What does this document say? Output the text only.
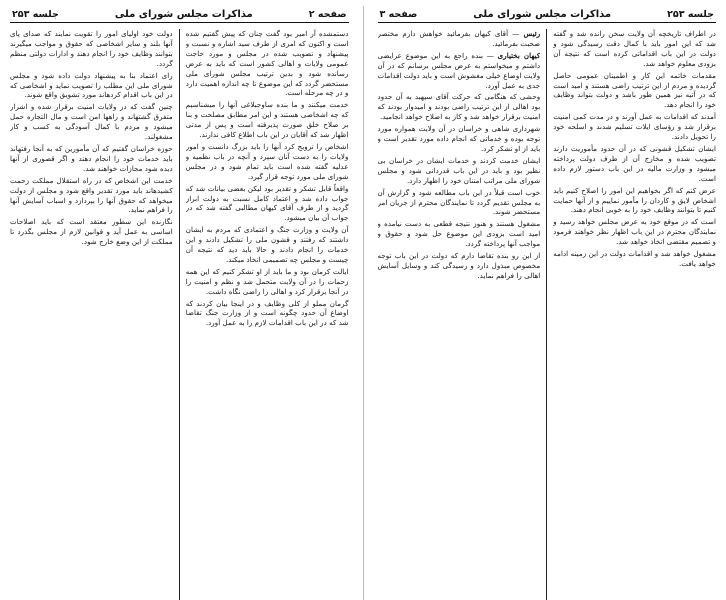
صفحه ۲
مذاکرات مجلس شورای ملی
جلسه ۲۵۳

دستمشده آر امیر بود گفت چنان که پیش گفتیم شده است و اکنون که امری از طرف سید اشاره و نسبت و پیشنهاد و تصویب شده در مجلس و مورد حاجت عمومی ولایات و اهالی کشور است که باید به عرض رسانده شود و بدین ترتیب مجلس شورای ملی مستحضر گردد که این موضوع تا چه اندازه اهمیت دارد و در چه مرحله است.

خدمت میکنند و ما بنده ساوجبلاغی آنها را میشناسیم که چه اشخاصی هستند و این امر مطابق مصلحت و بنا بر صلاح خلق صورت پذیرفته است و پس از مدتی اظهار شد که آقایان در این باب اطلاع کافی ندارند.

اشخاص را ترویج کرد آنها را باید بزرگ دانست و امور ولایات را به دست آنان سپرد و آنچه در باب نظمیه و عدلیه گفته شده است باید تمام شود و در مجلس شورای ملی مورد توجه قرار گیرد.

واقعاً قابل تشکر و تقدیر بود لیکن بعضی بیانات شد که جواب داده شد و اعتماد کامل نسبت به دولت ابراز گردید و از طرف آقای کیهان مطالبی گفته شد که در جواب آن بیان میشود.

آن ولایت و وزارت جنگ و اعتمادی که مردم به ایشان داشتند که رفتند و قشون ملی را تشکیل دادند و این خدمات را انجام دادند و حالا باید دید که نتیجه آن چیست و مجلس چه تصمیمی اتخاذ میکند.

ایالت کرمان بود و ما باید از او تشکر کنیم که این همه زحمات را در آن ولایت متحمل شد و نظم و امنیت را در آنجا برقرار کرد و اهالی را راضی نگاه داشت.

گرمان مملو از کلی وظایف و در اینجا بیان کردند که اوضاع آن حدود چگونه است و از وزارت جنگ تقاضا شد که در این باب اقدامات لازم را به عمل آورد.

دولت خود اولیای امور را تقویت نمایند که صدای پای آنها بلند و سایر اشخاصی که حقوق و مواجب میگیرند بتوانند وظایف خود را انجام دهند و ادارات دولتی منظم گردد.

رای اعتماد بنا به پیشنهاد دولت داده شود و مجلس شورای ملی این مطلب را تصویب نماید و اشخاصی که در این باب اقدام کردهاند مورد تشویق واقع شوند.

چنین گفت که در ولایات امنیت برقرار شده و اشرار متفرق گشتهاند و راهها امن است و مال التجاره حمل میشود و مردم با کمال آسودگی به کسب و کار مشغولند.

حوزه خراسان گفتیم که آن مأمورین که به آنجا رفتهاند باید خدمات خود را انجام دهند و اگر قصوری از آنها دیده شود مجازات خواهند شد.

خدمت این اشخاص که در راه استقلال مملکت زحمت کشیدهاند باید مورد تقدیر واقع شود و مجلس از دولت میخواهد که حقوق آنها را بپردازد و اسباب آسایش آنها را فراهم نماید.

نگارنده این سطور معتقد است که باید اصلاحات اساسی به عمل آید و قوانین لازم از مجلس بگذرد تا مملکت از این وضع خارج شود.

جلسه ۲۵۳
مذاکرات مجلس شورای ملی
صفحه ۳

در اطراف تاریخچه آن ولایت سخن رانده شد و گفته شد که این امور باید با کمال دقت رسیدگی شود و دولت در این باب اقداماتی کرده است که نتیجه آن بزودی معلوم خواهد شد.

مقدمات خاتمه این کار و اطمینان عمومی حاصل گردیده و مردم از این ترتیب راضی هستند و امید است که در آتیه نیز همین طور باشد و دولت بتواند وظایف خود را انجام دهد.

آمدند که اقدامات به عمل آورند و در مدت کمی امنیت برقرار شد و رؤسای ایلات تسلیم شدند و اسلحه خود را تحویل دادند.

ایشان تشکیل قشونی که در آن حدود مأموریت دارند تصویب شده و مخارج آن از طرف دولت پرداخته میشود و وزارت مالیه در این باب دستور لازم داده است.

عرض کنم که اگر بخواهیم این امور را اصلاح کنیم باید اشخاص لایق و کاردان را مأمور نماییم و از آنها حمایت کنیم تا بتوانند وظایف خود را به خوبی انجام دهند.

است که در موقع خود به عرض مجلس خواهد رسید و نمایندگان محترم در این باب اظهار نظر خواهند فرمود و تصمیم مقتضی اتخاذ خواهد شد.

مشغول خواهد شد و اقدامات دولت در این زمینه ادامه خواهد یافت.

رئیس — آقای کیهان بفرمائید خواهش دارم مختصر صحبت بفرمائید.

کیهان بختیاری — بنده راجع به این موضوع عرایضی داشتم و میخواستم به عرض مجلس برسانم که در آن ولایت اوضاع خیلی مغشوش است و باید دولت اقدامات جدی به عمل آورد.

وحشی که هنگامی که حرکت آقای سپهبد به آن حدود بود اهالی از این ترتیب راضی بودند و امیدوار بودند که امنیت برقرار خواهد شد و کار به اصلاح خواهد انجامید.

شهرداری شاهی و خراسان در آن ولایت همواره مورد توجه بوده و خدماتی که انجام داده مورد تقدیر است و باید از او تشکر کرد.

ایشان خدمت کردند و خدمات ایشان در خراسان بی نظیر بود و باید در این باب قدردانی شود و مجلس شورای ملی مراتب امتنان خود را اظهار دارد.

خوب است قبلاً در این باب مطالعه شود و گزارش آن به مجلس تقدیم گردد تا نمایندگان محترم از جریان امر مستحضر شوند.

مشغول هستند و هنوز نتیجه قطعی به دست نیامده و امید است بزودی این موضوع حل شود و حقوق و مواجب آنها پرداخته گردد.

از این رو بنده تقاضا دارم که دولت در این باب توجه مخصوص مبذول دارد و رسیدگی کند و وسایل آسایش اهالی را فراهم نماید.
